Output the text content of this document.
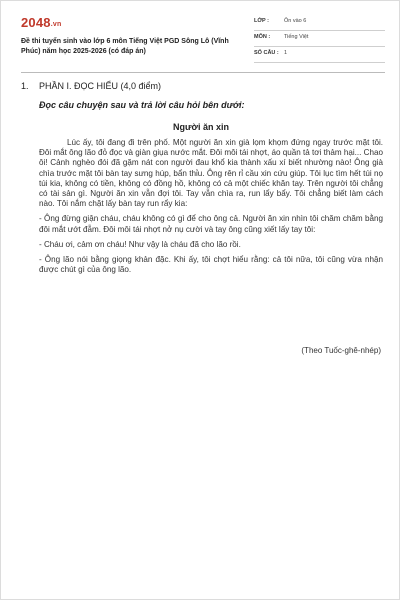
2048.vn
Đề thi tuyển sinh vào lớp 6 môn Tiếng Việt PGD Sông Lô (Vĩnh Phúc) năm học 2025-2026 (có đáp án)
LỚP :	Ôn vào 6
MÔN :	Tiếng Việt
SỐ CÂU : 1
1. PHẦN I. ĐỌC HIỂU (4,0 điểm)
Đọc câu chuyện sau và trả lời câu hỏi bên dưới:
Người ăn xin

Lúc ấy, tôi đang đi trên phố. Một người ăn xin già lọm khọm đứng ngay trước mặt tôi. Đôi mắt ông lão đỏ đọc và giàn giụa nước mắt. Đôi môi tái nhợt, áo quần tả tơi thảm hại... Chao ôi! Cảnh nghèo đói đã gặm nát con người đau khổ kia thành xấu xí biết nhường nào! Ông già chìa trước mặt tôi bàn tay sưng húp, bẩn thỉu. Ông rên rỉ cầu xin cứu giúp. Tôi lục tìm hết túi nọ túi kia, không có tiền, không có đồng hồ, không có cả một chiếc khăn tay. Trên người tôi chẳng có tài sản gì. Người ăn xin vẫn đợi tôi. Tay vẫn chìa ra, run lẩy bẩy. Tôi chẳng biết làm cách nào. Tôi nắm chặt lấy bàn tay run rẩy kia:

- Ông đừng giận cháu, cháu không có gì để cho ông cả. Người ăn xin nhìn tôi chăm chăm bằng đôi mắt ướt đẫm. Đôi môi tái nhợt nở nụ cười và tay ông cũng xiết lấy tay tôi:

- Cháu ơi, cảm ơn cháu! Như vậy là cháu đã cho lão rồi.

- Ông lão nói bằng giọng khản đặc. Khi ấy, tôi chợt hiểu rằng: cả tôi nữa, tôi cũng vừa nhận được chút gì của ông lão.

(Theo Tuốc-ghê-nhép)
